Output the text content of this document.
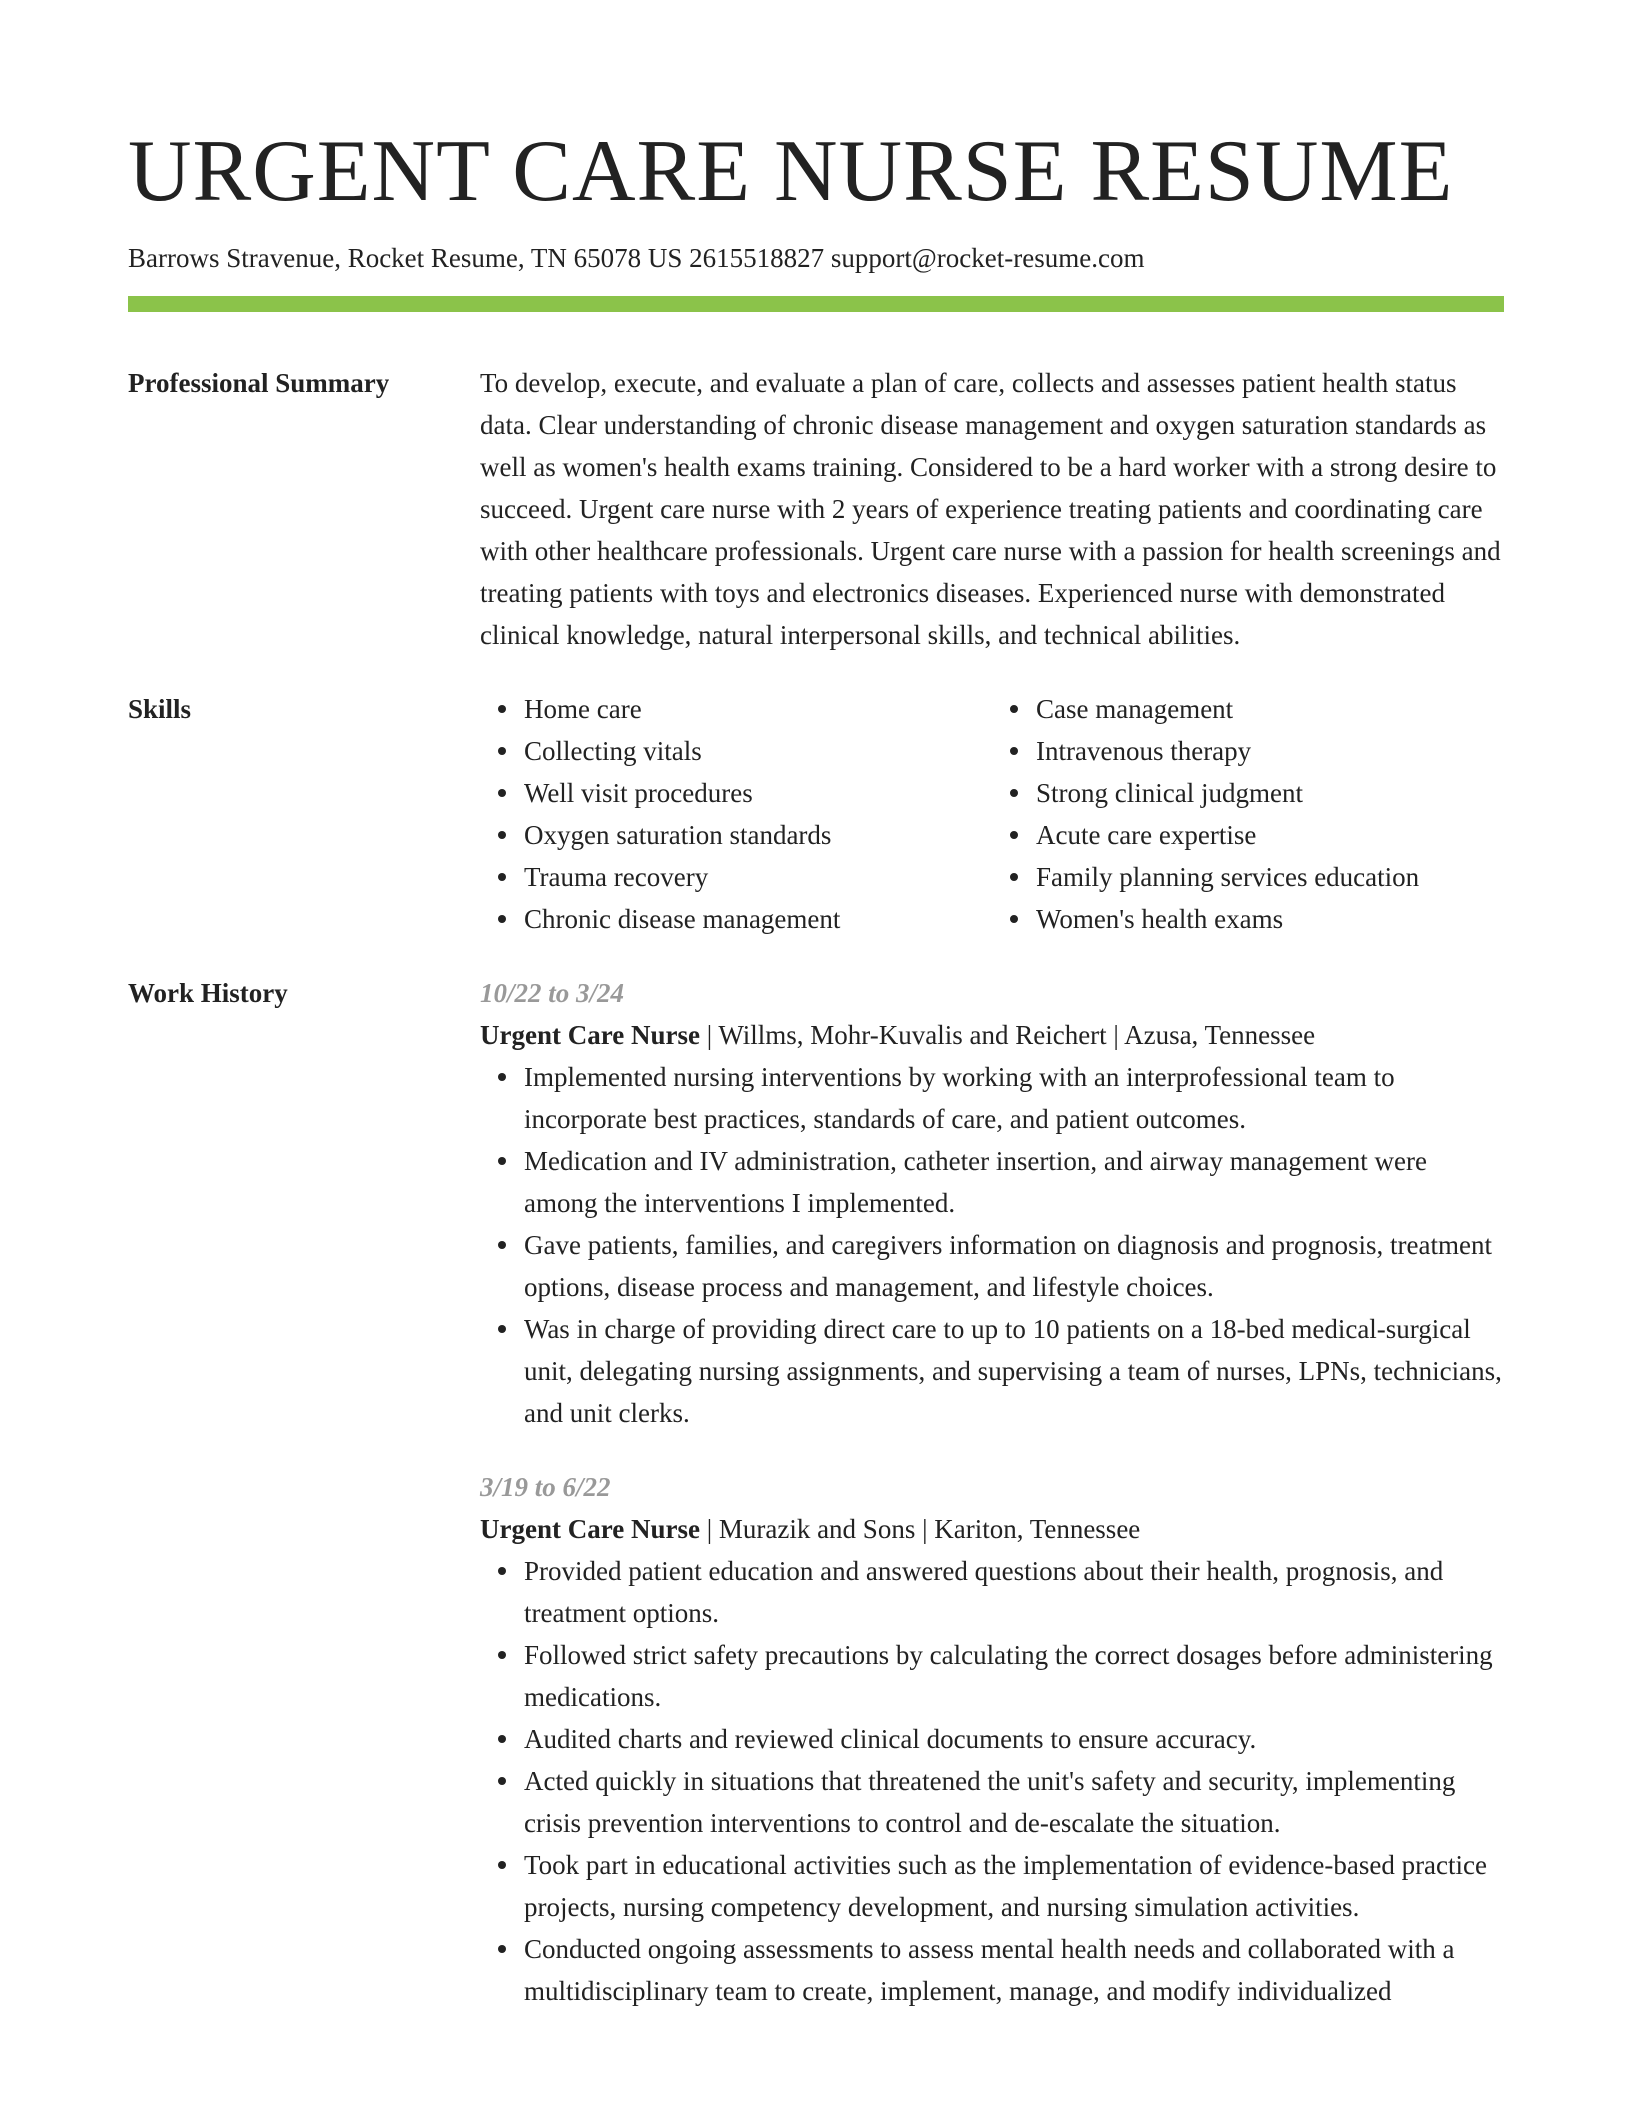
URGENT CARE NURSE RESUME
Barrows Stravenue, Rocket Resume, TN 65078 US 2615518827 support@rocket-resume.com
Professional Summary	To develop, execute, and evaluate a plan of care, collects and assesses patient health status data. Clear understanding of chronic disease management and oxygen saturation standards as well as women's health exams training. Considered to be a hard worker with a strong desire to succeed. Urgent care nurse with 2 years of experience treating patients and coordinating care with other healthcare professionals. Urgent care nurse with a passion for health screenings and treating patients with toys and electronics diseases. Experienced nurse with demonstrated clinical knowledge, natural interpersonal skills, and technical abilities.

Skills	Home care
Collecting vitals
Well visit procedures
Oxygen saturation standards
Trauma recovery
Chronic disease management
Case management
Intravenous therapy
Strong clinical judgment
Acute care expertise
Family planning services education
Women's health exams
Work History	10/22 to 3/24
Urgent Care Nurse | Willms, Mohr-Kuvalis and Reichert | Azusa, Tennessee
Implemented nursing interventions by working with an interprofessional team to incorporate best practices, standards of care, and patient outcomes.
Medication and IV administration, catheter insertion, and airway management were among the interventions I implemented.
Gave patients, families, and caregivers information on diagnosis and prognosis, treatment options, disease process and management, and lifestyle choices.
Was in charge of providing direct care to up to 10 patients on a 18-bed medical-surgical unit, delegating nursing assignments, and supervising a team of nurses, LPNs, technicians, and unit clerks.
3/19 to 6/22
Urgent Care Nurse | Murazik and Sons | Kariton, Tennessee
Provided patient education and answered questions about their health, prognosis, and treatment options.
Followed strict safety precautions by calculating the correct dosages before administering medications.
Audited charts and reviewed clinical documents to ensure accuracy.
Acted quickly in situations that threatened the unit's safety and security, implementing crisis prevention interventions to control and de-escalate the situation.
Took part in educational activities such as the implementation of evidence-based practice projects, nursing competency development, and nursing simulation activities.
Conducted ongoing assessments to assess mental health needs and collaborated with a multidisciplinary team to create, implement, manage, and modify individualized
